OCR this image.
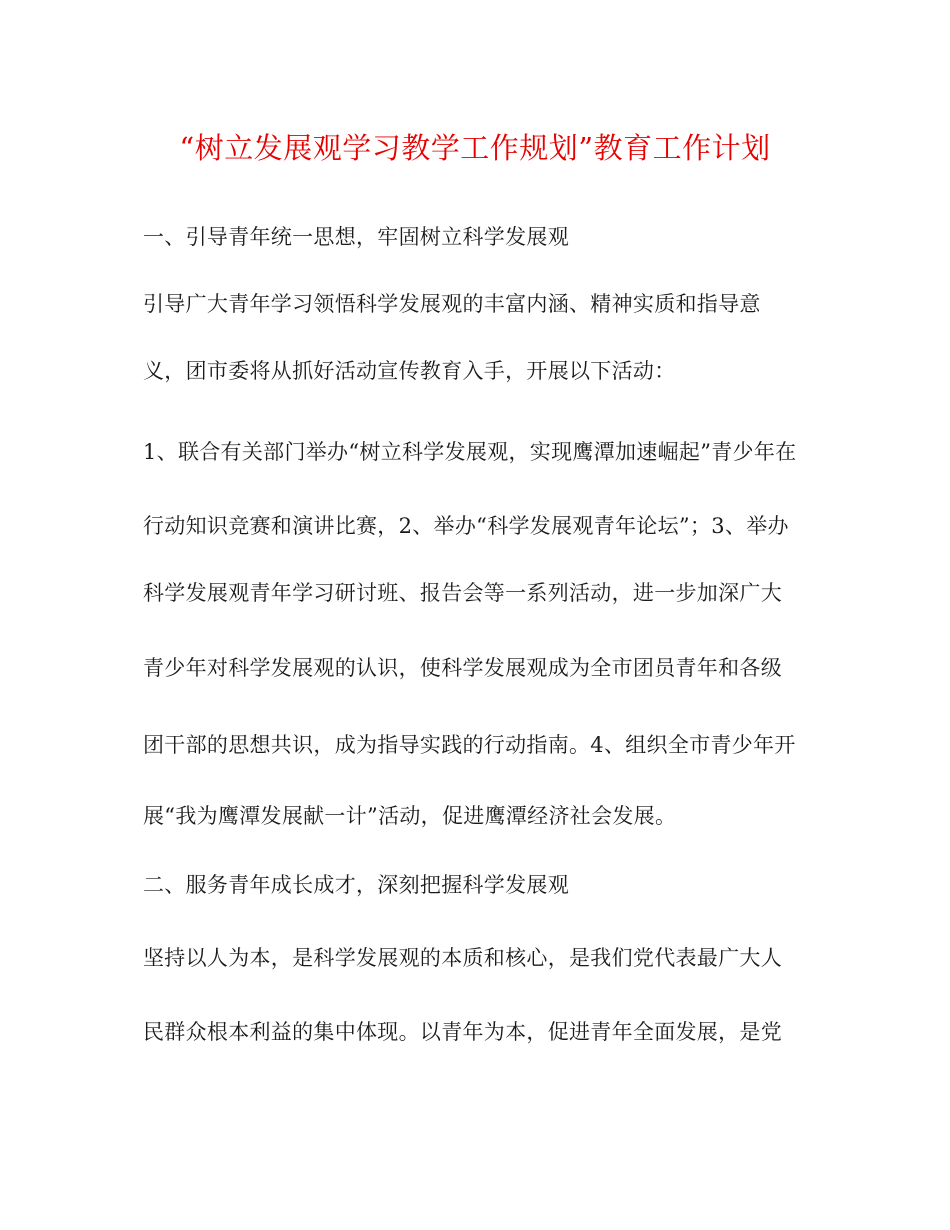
“树立发展观学习教学工作规划”教育工作计划
一、引导青年统一思想，牢固树立科学发展观
引导广大青年学习领悟科学发展观的丰富内涵、精神实质和指导意
义，团市委将从抓好活动宣传教育入手，开展以下活动：
1、联合有关部门举办“树立科学发展观，实现鹰潭加速崛起”青少年在
行动知识竞赛和演讲比赛，2、举办“科学发展观青年论坛”；3、举办
科学发展观青年学习研讨班、报告会等一系列活动，进一步加深广大
青少年对科学发展观的认识，使科学发展观成为全市团员青年和各级
团干部的思想共识，成为指导实践的行动指南。4、组织全市青少年开
展“我为鹰潭发展献一计”活动，促进鹰潭经济社会发展。
二、服务青年成长成才，深刻把握科学发展观
坚持以人为本，是科学发展观的本质和核心，是我们党代表最广大人
民群众根本利益的集中体现。以青年为本，促进青年全面发展，是党
